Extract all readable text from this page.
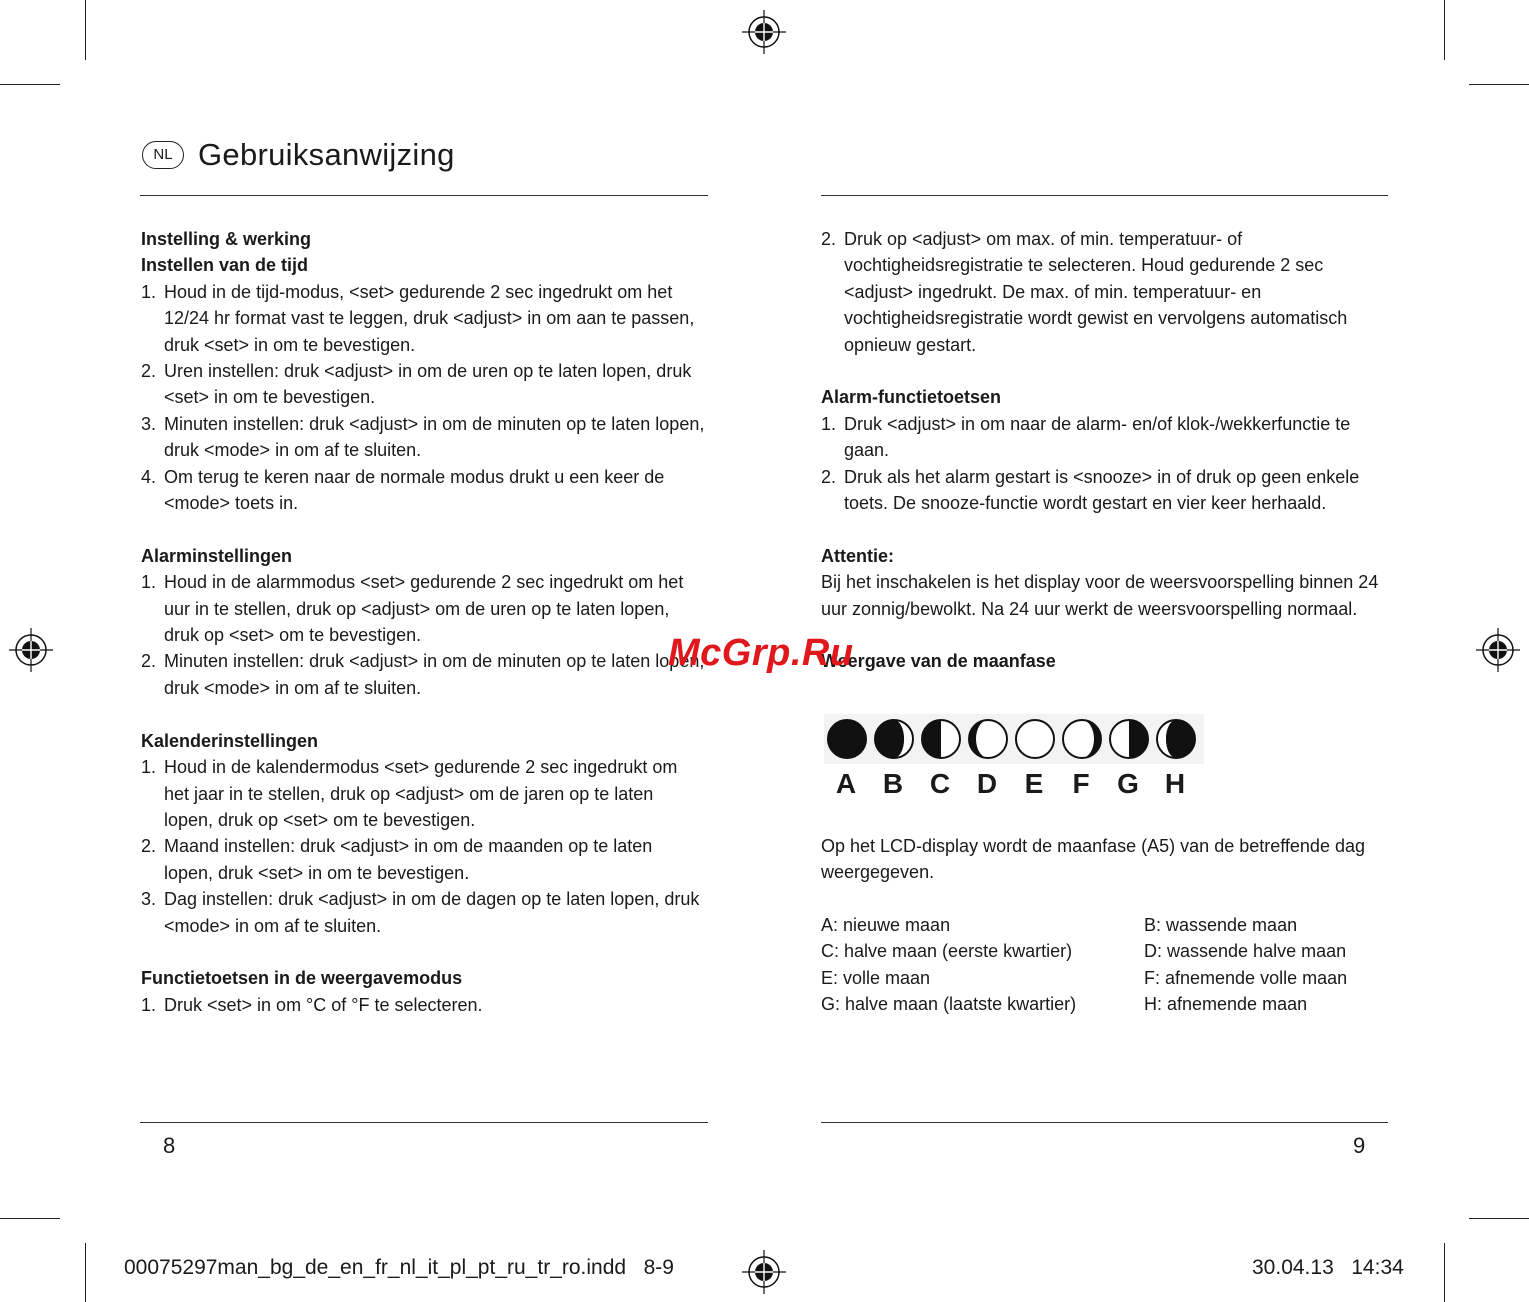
NL Gebruiksanwijzing
Instelling & werking
Instellen van de tijd
1. Houd in de tijd-modus, <set> gedurende 2 sec ingedrukt om het 12/24 hr format vast te leggen, druk <adjust> in om aan te passen, druk <set> in om te bevestigen.
2. Uren instellen: druk <adjust> in om de uren op te laten lopen, druk <set> in om te bevestigen.
3. Minuten instellen: druk <adjust> in om de minuten op te laten lopen, druk <mode> in om af te sluiten.
4. Om terug te keren naar de normale modus drukt u een keer de <mode> toets in.
Alarminstellingen
1. Houd in de alarmmodus <set> gedurende 2 sec ingedrukt om het uur in te stellen, druk op <adjust> om de uren op te laten lopen, druk op <set> om te bevestigen.
2. Minuten instellen: druk <adjust> in om de minuten op te laten lopen, druk <mode> in om af te sluiten.
Kalenderinstellingen
1. Houd in de kalendermodus <set> gedurende 2 sec ingedrukt om het jaar in te stellen, druk op <adjust> om de jaren op te laten lopen, druk op <set> om te bevestigen.
2. Maand instellen: druk <adjust> in om de maanden op te laten lopen, druk <set> in om te bevestigen.
3. Dag instellen: druk <adjust> in om de dagen op te laten lopen, druk <mode> in om af te sluiten.
Functietoetsen in de weergavemodus
1. Druk <set> in om °C of °F te selecteren.
2. Druk op <adjust> om max. of min. temperatuur- of vochtigheidsregistratie te selecteren. Houd gedurende 2 sec <adjust> ingedrukt. De max. of min. temperatuur- en vochtigheidsregistratie wordt gewist en vervolgens automatisch opnieuw gestart.
Alarm-functietoetsen
1. Druk <adjust> in om naar de alarm- en/of klok-/wekkerfunctie te gaan.
2. Druk als het alarm gestart is <snooze> in of druk op geen enkele toets. De snooze-functie wordt gestart en vier keer herhaald.
Attentie:
Bij het inschakelen is het display voor de weersvoorspelling binnen 24 uur zonnig/bewolkt. Na 24 uur werkt de weersvoorspelling normaal.
Weergave van de maanfase
A B C D E	F G H
Op het LCD-display wordt de maanfase (A5) van de betreffende dag weergegeven.
A: nieuwe maan	B: wassende maan
C: halve maan (eerste kwartier)	D: wassende halve maan
E: volle maan	F: afnemende volle maan
G: halve maan (laatste kwartier)	H: afnemende maan
8	9
00075297man_bg_de_en_fr_nl_it_pl_pt_ru_tr_ro.indd   8-9	30.04.13   14:34
McGrp.Ru
